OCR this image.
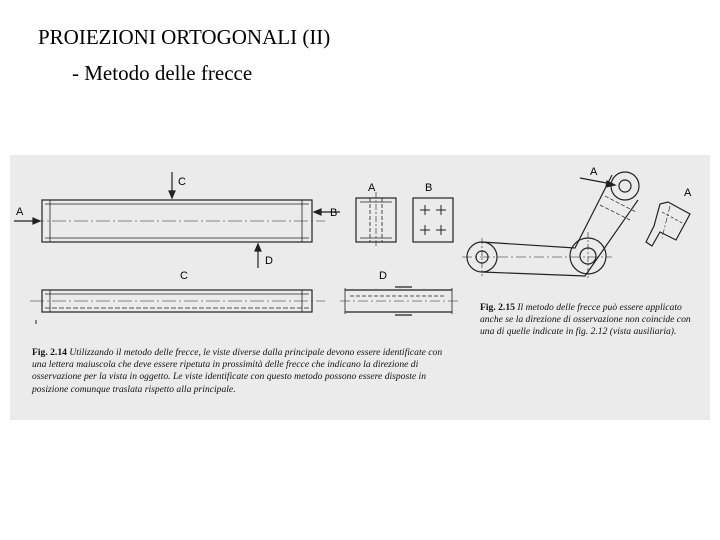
PROIEZIONI ORTOGONALI (II)
- Metodo delle frecce
A	B
C
D
C
A	B
D
A
A
Fig. 2.14 Utilizzando il metodo delle frecce, le viste diverse dalla principale devono essere identificate con una lettera maiuscola che deve essere ripetuta in prossimità delle frecce che indicano la direzione di osservazione per la vista in oggetto. Le viste identificate con questo metodo possono essere disposte in posizione comunque traslata rispetto alla principale.
Fig. 2.15 Il metodo delle frecce può essere applicato anche se la direzione di osservazione non coincide con una di quelle indicate in fig. 2.12 (vista ausiliaria).
